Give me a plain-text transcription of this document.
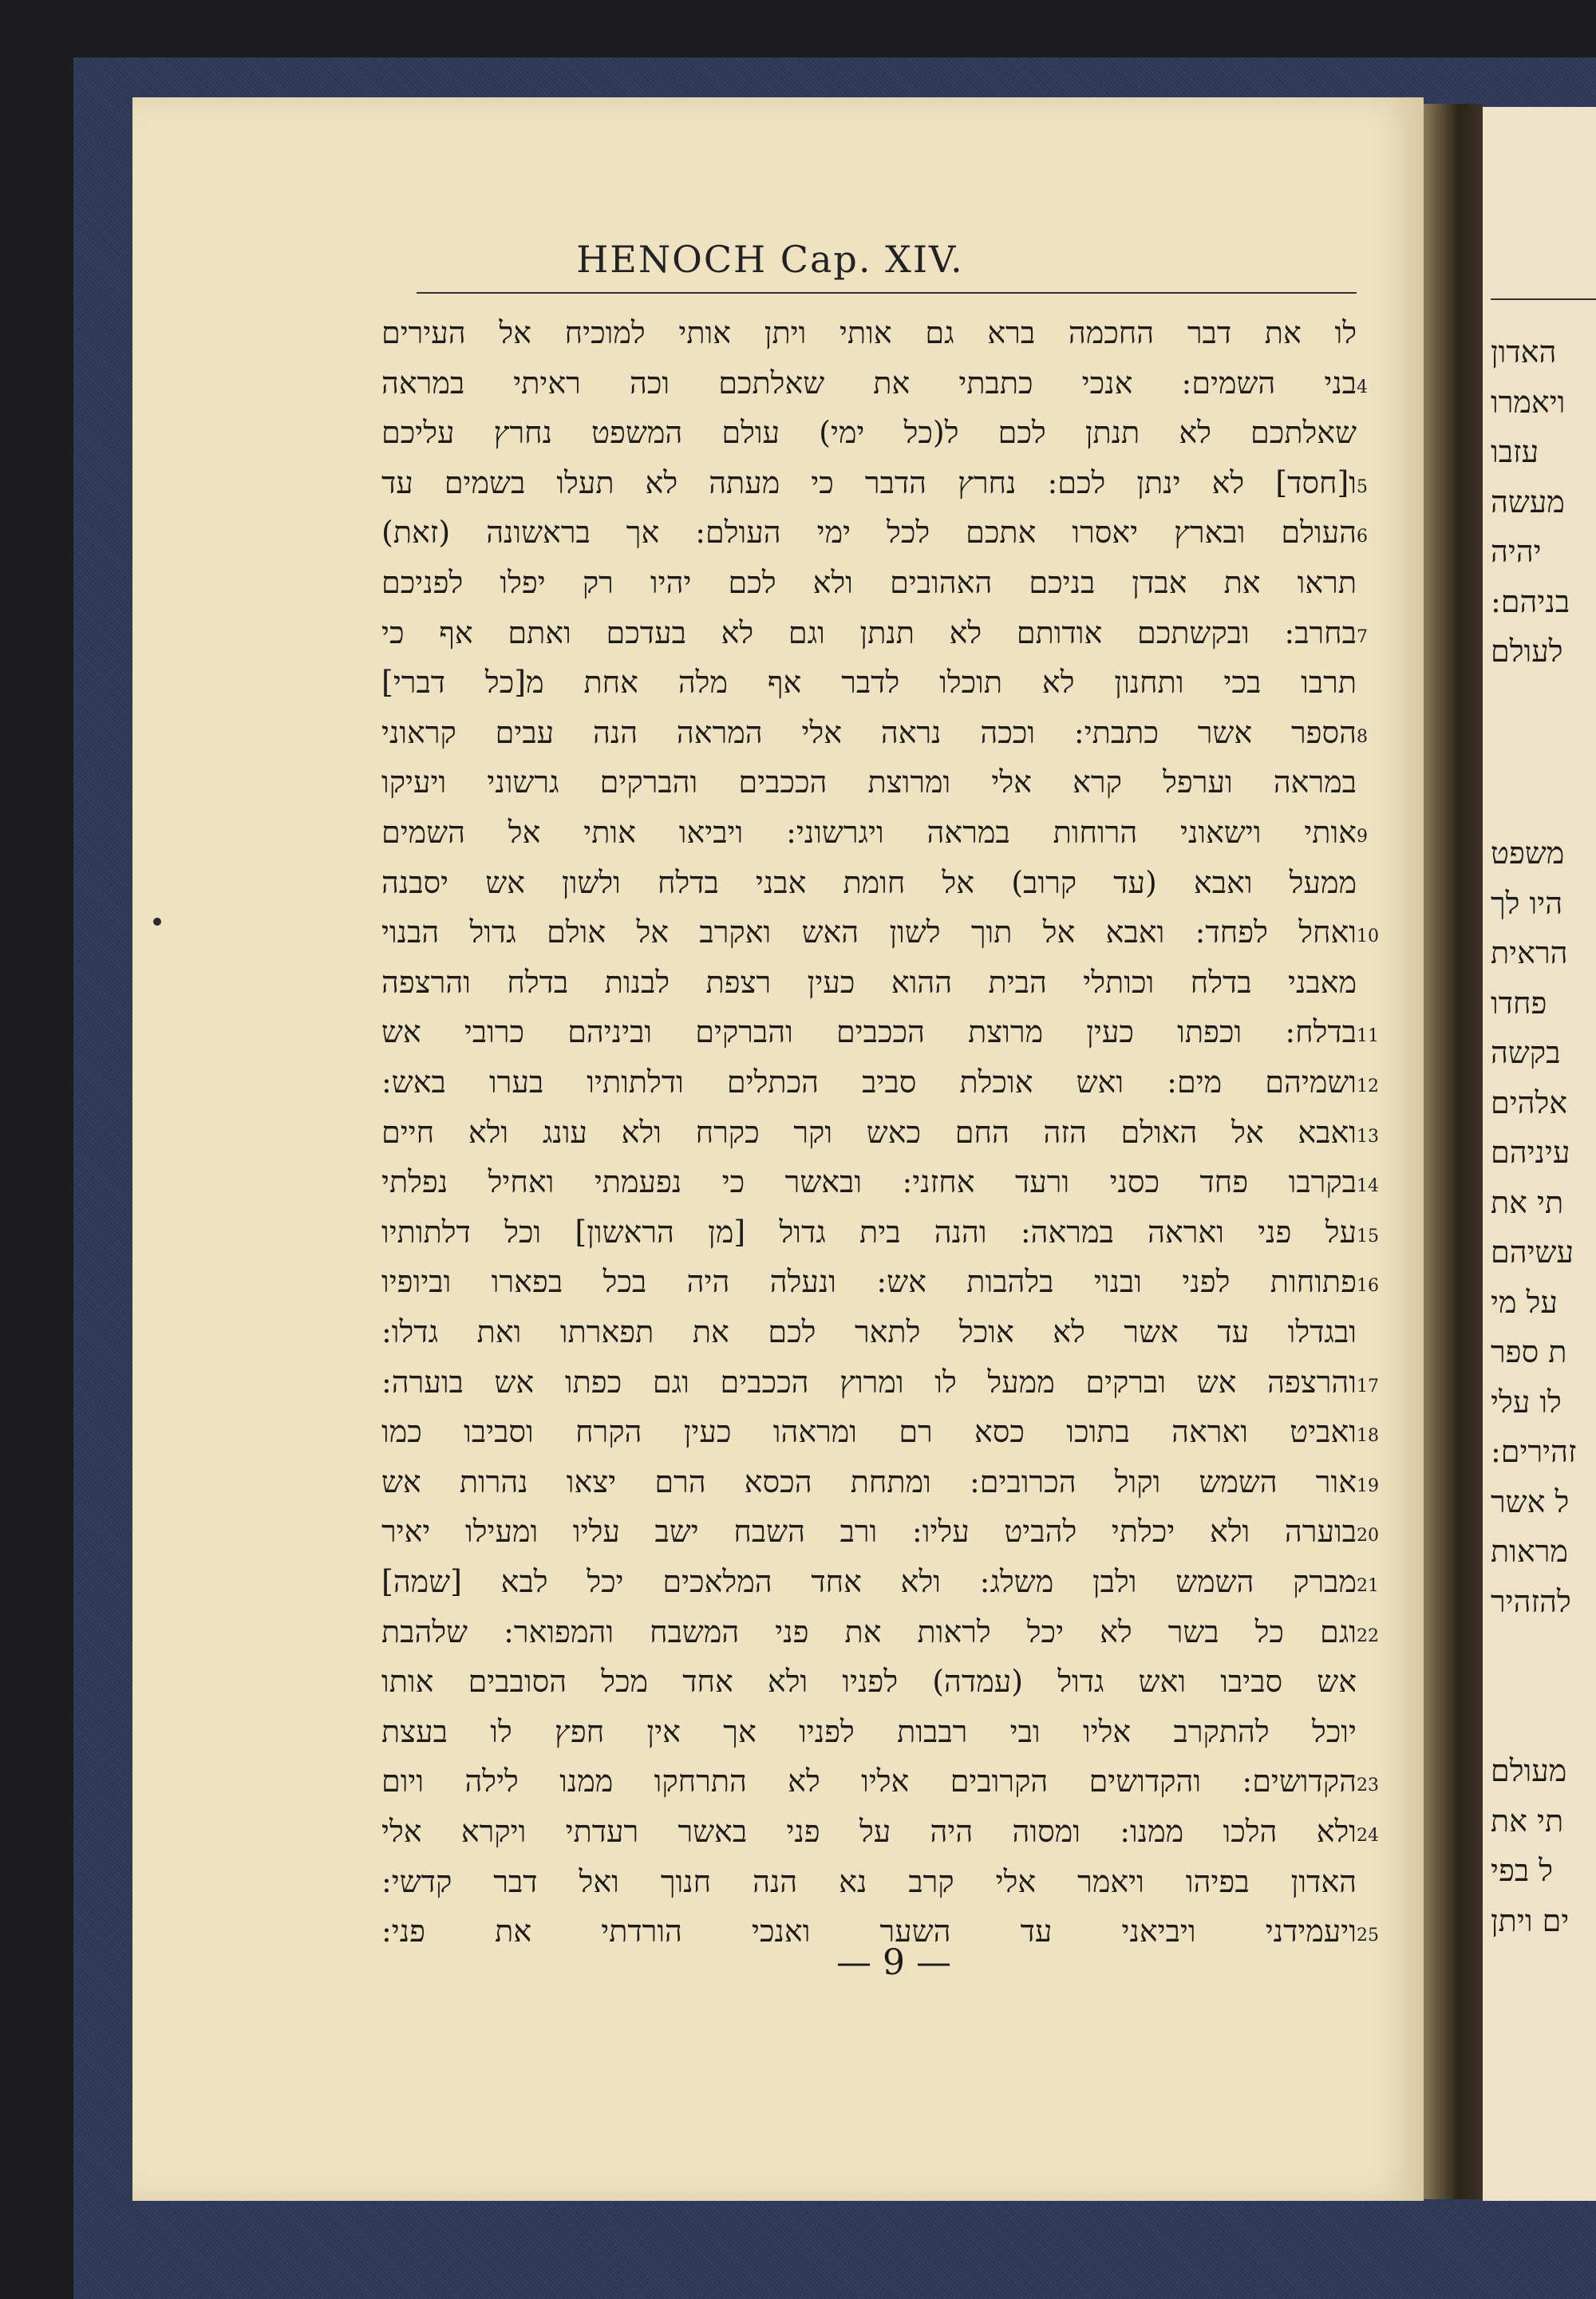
HENOCH Cap. XIV.
לו את דבר החכמה ברא גם אותי ויתן אותי למוכיח אל העירים
בני השמים: אנכי כתבתי את שאלתכם וכה ראיתי במראה 4
שאלתכם לא תנתן לכם ל(כל ימי) עולם המשפט נחרץ עליכם
ו[חסד] לא ינתן לכם: נחרץ הדבר כי מעתה לא תעלו בשמים עד 5
העולם ובארץ יאסרו אתכם לכל ימי העולם: אך בראשונה (זאת) 6
תראו את אבדן בניכם האהובים ולא לכם יהיו רק יפלו לפניכם
בחרב: ובקשתכם אודותם לא תנתן וגם לא בעדכם ואתם אף כי 7
תרבו בכי ותחנון לא תוכלו לדבר אף מלה אחת מ[כל דברי]
הספר אשר כתבתי: וככה נראה אלי המראה הנה עבים קראוני 8
במראה וערפל קרא אלי ומרוצת הככבים והברקים גרשוני ויעיקו
אותי וישאוני הרוחות במראה ויגרשוני: ויביאו אותי אל השמים 9
ממעל ואבא (עד קרוב) אל חומת אבני בדלח ולשון אש יסבנה
ואחל לפחד: ואבא אל תוך לשון האש ואקרב אל אולם גדול הבנוי 10
מאבני בדלח וכותלי הבית ההוא כעין רצפת לבנות בדלח והרצפה
בדלח: וכפתו כעין מרוצת הככבים והברקים וביניהם כרובי אש 11
ושמיהם מים: ואש אוכלת סביב הכתלים ודלתותיו בערו באש: 12
ואבא אל האולם הזה החם כאש וקר כקרח ולא עונג ולא חיים 13
בקרבו פחד כסני ורעד אחזני: ובאשר כי נפעמתי ואחיל נפלתי 14
על פני ואראה במראה: והנה בית גדול [מן הראשון] וכל דלתותיו 15
פתוחות לפני ובנוי בלהבות אש: ונעלה היה בכל בפארו וביופיו 16
ובגדלו עד אשר לא אוכל לתאר לכם את תפארתו ואת גדלו:
והרצפה אש וברקים ממעל לו ומרוץ הככבים וגם כפתו אש בוערה: 17
ואביט ואראה בתוכו כסא רם ומראהו כעין הקרח וסביבו כמו 18
אור השמש וקול הכרובים: ומתחת הכסא הרם יצאו נהרות אש 19
בוערה ולא יכלתי להביט עליו: ורב השבח ישב עליו ומעילו יאיר 20
מברק השמש ולבן משלג: ולא אחד המלאכים יכל לבא [שמה] 21
וגם כל בשר לא יכל לראות את פני המשבח והמפואר: שלהבת 22
אש סביבו ואש גדול (עמדה) לפניו ולא אחד מכל הסובבים אותו
יוכל להתקרב אליו ובי רבבות לפניו אך אין חפץ לו בעצת
הקדושים: והקדושים הקרובים אליו לא התרחקו ממנו לילה ויום 23
ולא הלכו ממנו: ומסוה היה על פני באשר רעדתי ויקרא אלי 24
האדון בפיהו ויאמר אלי קרב נא הנה חנוך ואל דבר קדשי:
ויעמידני ויביאני עד השער ואנכי הורדתי את פני: 25
האדון
ויאמרו
עזבו
מעשה
יהיה
בניהם:
לעולם
משפט
היו לך
הראית
פחדו
בקשה
אלהים
עיניהם
תי את
עשיהם
על מי
ת ספר
לו עלי
זהירים:
ל אשר
מראות
להזהיר
מעולם
תי את
ל בפי
ים ויתן
— 9 —
